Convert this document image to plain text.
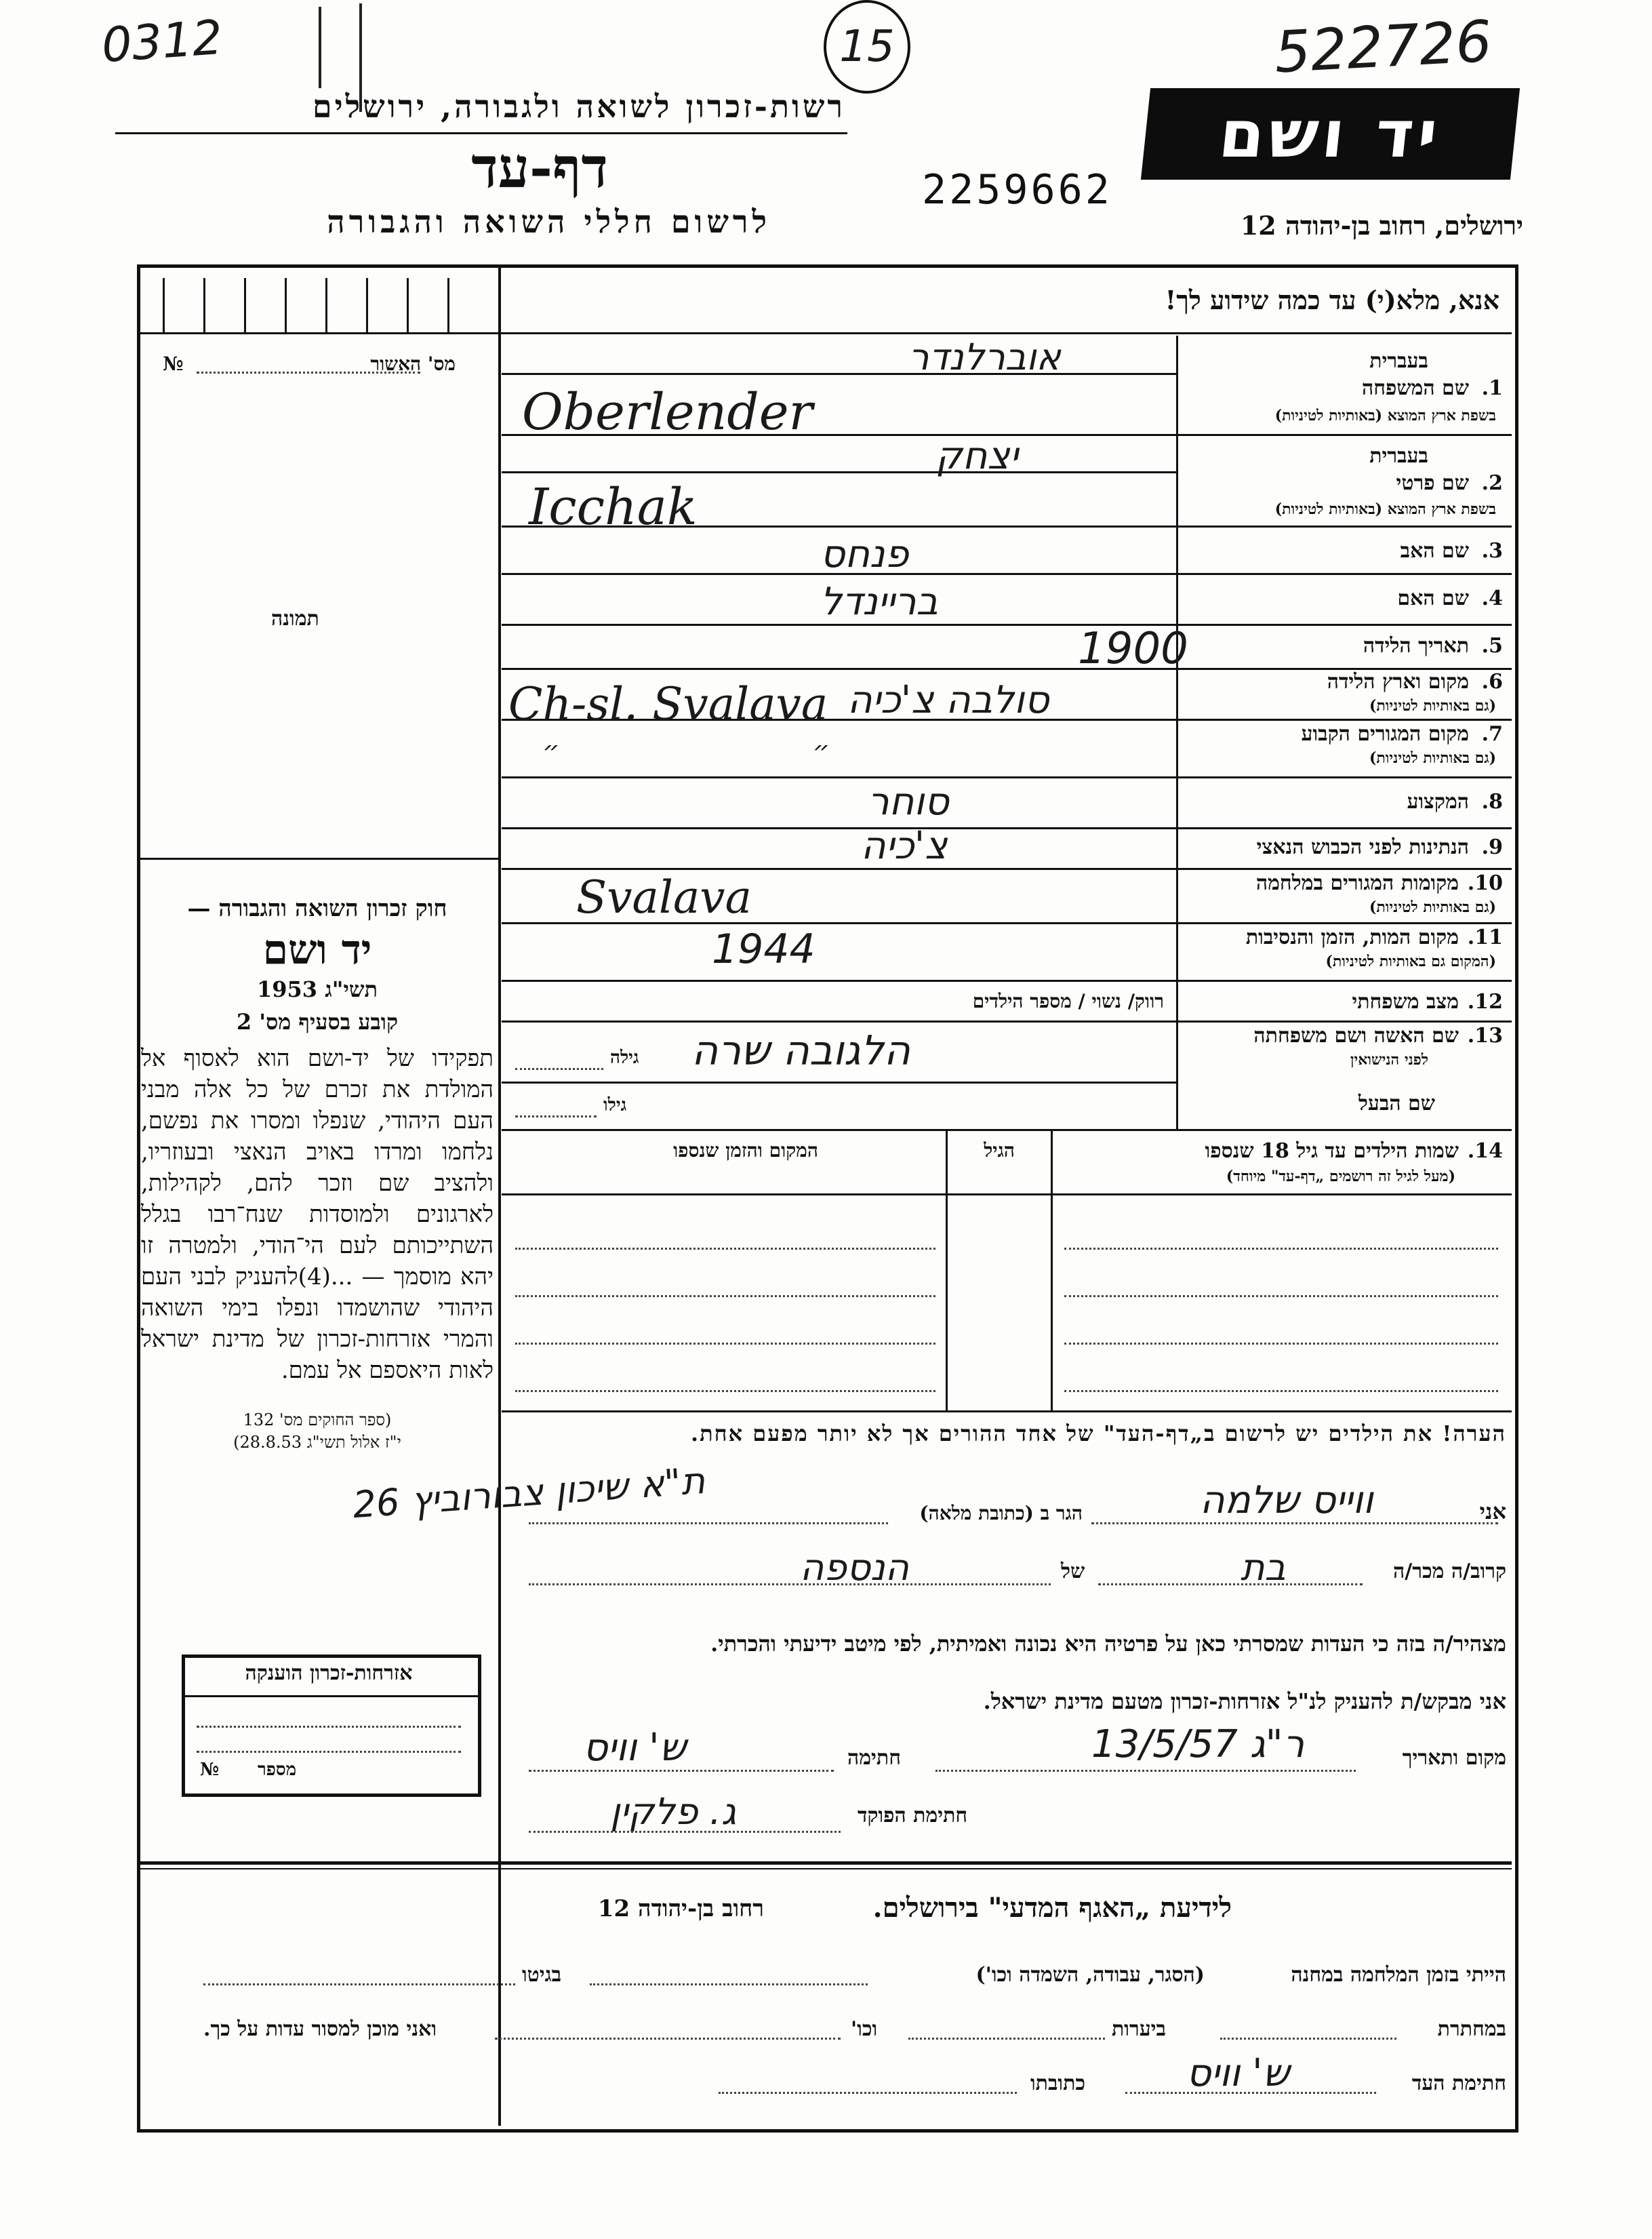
0312	15	522726
רשות-זכרון לשואה ולגבורה, ירושלים
דף-עד	2259662
לרשום חללי השואה והגבורה
יד ושם
ירושלים, רחוב בן-יהודה 12
אנא, מלא(י) עד כמה שידוע לך!
מס' האשור
№
תמונה
חוק זכרון השואה והגבורה —
יד ושם
תשי"ג 1953
קובע בסעיף מס' 2
תפקידו של יד-ושם הוא לאסוף אל המולדת את זכרם של כל אלה מבני העם היהודי, שנפלו ומסרו את נפשם, נלחמו ומרדו באויב הנאצי ובעוזריו, ולהציב שם וזכר להם, לקהילות, לארגונים ולמוסדות שנח־רבו בגלל השתייכותם לעם הי־הודי, ולמטרה זו יהא מוסמך — ...(4)להעניק לבני העם היהודי שהושמדו ונפלו בימי השואה והמרי אזרחות-זכרון של מדינת ישראל לאות היאספם אל עמם.
(ספר החוקים מס' 132
י"ז אלול תשי"ג 28.8.53)
אזרחות-זכרון הוענקה
№ מספר
בעברית
1.
שם המשפחה
בשפת ארץ המוצא (באותיות לטיניות)
אוברלנדר
Oberlender
בעברית
2.
שם פרטי
בשפת ארץ המוצא (באותיות לטיניות)
יצחק
Icchak
3.
שם האב
פנחס
4.
שם האם
בריינדל
5.
תאריך הלידה
1900
6.
מקום וארץ הלידה
(גם באותיות לטיניות)
סולבה צ'כיה
Ch-sl. Svalava
7.
מקום המגורים הקבוע
(גם באותיות לטיניות)
״ ״
8.
המקצוע
סוחר
9.
הנתינות לפני הכבוש הנאצי
צ'כיה
10.
מקומות המגורים במלחמה
(גם באותיות לטיניות)
Svalava
11.
מקום המות, הזמן והנסיבות
(המקום גם באותיות לטיניות)
1944
12.
מצב משפחתי
רווק/ נשוי / מספר הילדים
13.
שם האשה ושם משפחתה
לפני הנישואין
הלגובה שרה
גילה
שם הבעל
גילו
14.
שמות הילדים עד גיל 18 שנספו
(מעל לגיל זה רושמים „דף-עד" מיוחד)
הגיל
המקום והזמן שנספו
הערה! את הילדים יש לרשום ב„דף-העד" של אחד ההורים אך לא יותר מפעם אחת.
אני
ווייס שלמה
הגר ב (כתובת מלאה)
ת"א שיכון צבורוביץ 26
קרוב/ה מכר/ה
בת
של
הנספה
מצהיר/ה בזה כי העדות שמסרתי כאן על פרטיה היא נכונה ואמיתית, לפי מיטב ידיעתי והכרתי.
אני מבקש/ת להעניק לנ"ל אזרחות-זכרון מטעם מדינת ישראל.
מקום ותאריך
ר"ג 13/5/57
חתימה
ש' וויס
חתימת הפוקד
ג. פלקין
לידיעת „האגף המדעי" בירושלים.
רחוב בן-יהודה 12
הייתי בזמן המלחמה במחנה
(הסגר, עבודה, השמדה וכו')
בגיטו
במחתרת
ביערות
וכו'
ואני מוכן למסור עדות על כך.
חתימת העד
ש' וויס
כתובתו
